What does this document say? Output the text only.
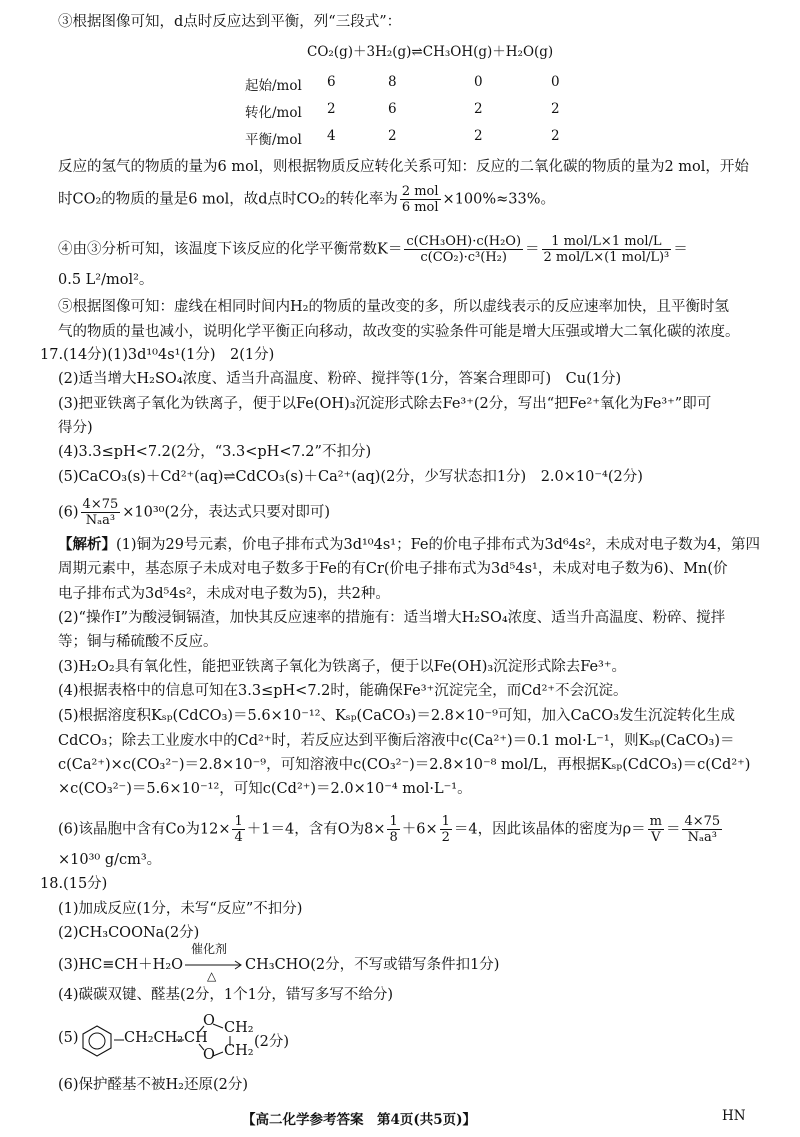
③根据图像可知，d点时反应达到平衡，列“三段式”：
CO₂(g)＋3H₂(g)⇌CH₃OH(g)＋H₂O(g)
起始/mol 6	8	0	0
转化/mol 2	6	2	2
平衡/mol 4	2	2	2
反应的氢气的物质的量为6 mol，则根据物质反应转化关系可知：反应的二氧化碳的物质的量为2 mol，开始
时CO₂的物质的量是6 mol，故d点时CO₂的转化率为 $\frac{\text{2 mol}}{\text{6 mol}} \times 100\%\approx 33\%$。
④由③分析可知，该温度下该反应的化学平衡常数$K= \frac{\text{c(CH₃OH)·c(H₂O)}}{\text{c(CO₂)·c³(H₂)}} = \frac{\text{1 mol/L×1 mol/L}}{\text{2 mol/L×(1 mol/L)³}}$ ＝
0.5 L²/mol²。
⑤根据图像可知：虚线在相同时间内H₂的物质的量改变的多，所以虚线表示的反应速率加快，且平衡时氢
气的物质的量也减小，说明化学平衡正向移动，故改变的实验条件可能是增大压强或增大二氧化碳的浓度。
17.(14分)(1)3d¹⁰4s¹(1分)　2(1分)
(2)适当增大H₂SO₄浓度、适当升高温度、粉碎、搅拌等(1分，答案合理即可)　Cu(1分)
(3)把亚铁离子氧化为铁离子，便于以Fe(OH)₃沉淀形式除去Fe³⁺(2分，写出“把Fe²⁺氧化为Fe³⁺”即可
得分)
(4)3.3≤pH<7.2(2分，“3.3<pH<7.2”不扣分)
(5)CaCO₃(s)＋Cd²⁺(aq)⇌CdCO₃(s)＋Ca²⁺(aq)(2分，少写状态扣1分)　2.0×10⁻⁴(2分)
$(6) \frac{4\times 75}{\text{Nₐa³}} \times 10^{30}(2$分，表达式只要对即可)
【解析】(1)铜为29号元素，价电子排布式为3d¹⁰4s¹；Fe的价电子排布式为3d⁶4s²，未成对电子数为4，第四
周期元素中，基态原子未成对电子数多于Fe的有Cr(价电子排布式为3d⁵4s¹，未成对电子数为6)、Mn(价
电子排布式为3d⁵4s²，未成对电子数为5)，共2种。
(2)“操作Ⅰ”为酸浸铜镉渣，加快其反应速率的措施有：适当增大H₂SO₄浓度、适当升高温度、粉碎、搅拌
等；铜与稀硫酸不反应。
(3)H₂O₂具有氧化性，能把亚铁离子氧化为铁离子，便于以Fe(OH)₃沉淀形式除去Fe³⁺。
(4)根据表格中的信息可知在3.3≤pH<7.2时，能确保Fe³⁺沉淀完全，而Cd²⁺不会沉淀。
(5)根据溶度积Kₛₚ(CdCO₃)＝5.6×10⁻¹²、Kₛₚ(CaCO₃)＝2.8×10⁻⁹可知，加入CaCO₃发生沉淀转化生成
CdCO₃；除去工业废水中的Cd²⁺时，若反应达到平衡后溶液中c(Ca²⁺)＝0.1 mol·L⁻¹，则Kₛₚ(CaCO₃)＝
c(Ca²⁺)×c(CO₃²⁻)＝2.8×10⁻⁹，可知溶液中c(CO₃²⁻)＝2.8×10⁻⁸ mol/L，再根据Kₛₚ(CdCO₃)＝c(Cd²⁺)
×c(CO₃²⁻)＝5.6×10⁻¹²，可知c(Cd²⁺)＝2.0×10⁻⁴ mol·L⁻¹。
(6)该晶胞中含有Co为$12\times \frac{1}{4} +1=4$，含有O为$8\times \frac{1}{8} +6\times \frac{1}{2} =4$，因此该晶体的密度为$\rho= \frac{m}{V} = \frac{4\times 75}{\text{Nₐa³}}$
×10³⁰ g/cm³。
18.(15分)
(1)加成反应(1分，未写“反应”不扣分)
(2)CH₃COONa(2分)
(3)HC≡CH＋H₂O
催化剂
△
CH₃CHO(2分，不写或错写条件扣1分)
(4)碳碳双键、醛基(2分，1个1分，错写多写不给分)
(5)	CH₂CH₂ CH
O
O
CH₂
CH₂
(2分)
(6)保护醛基不被H₂还原(2分)
【高二化学参考答案　第4页(共5页)】	HN
